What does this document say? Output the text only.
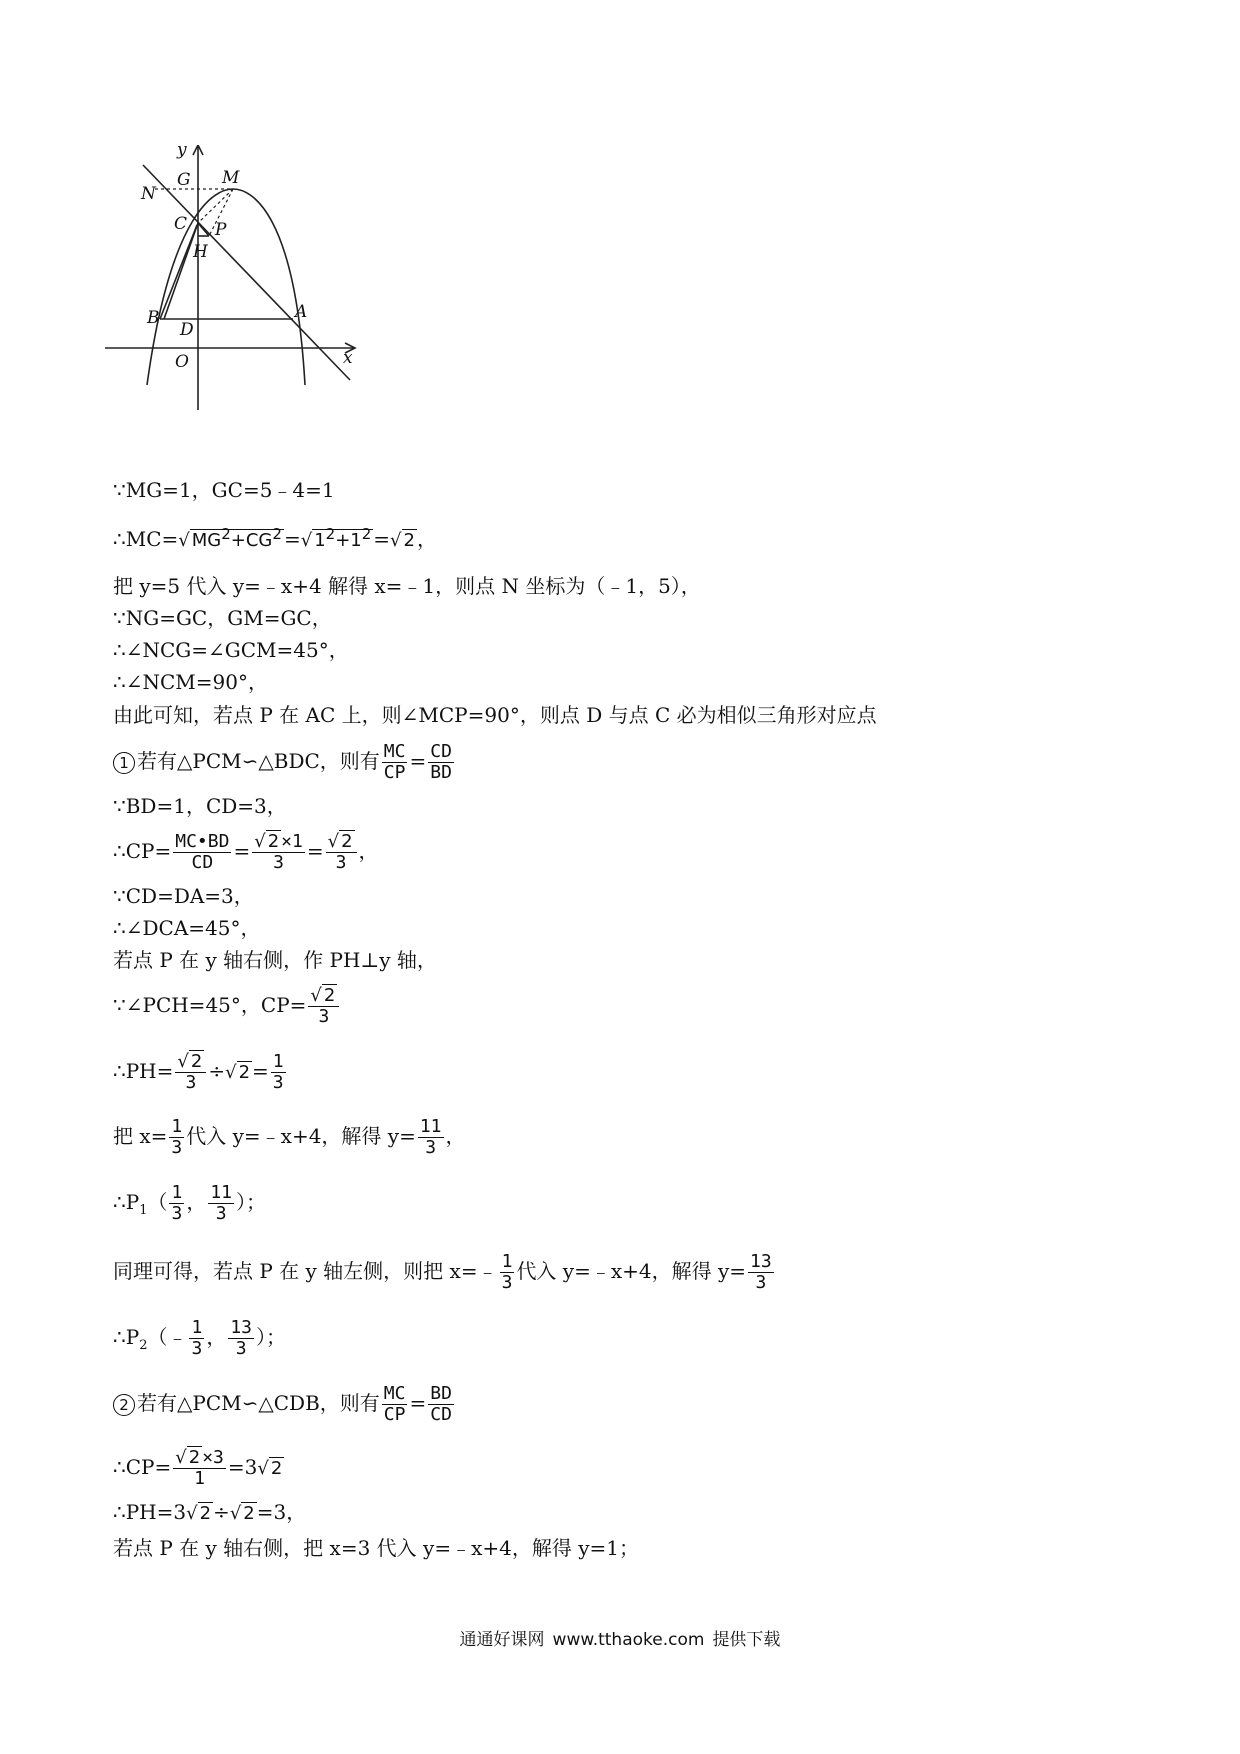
y
x
G M
N
C P
H
B
D
A
O
∵MG=1，GC=5﹣4=1
∴MC=√ $MG^2+CG^2$ =√ $1^2+1^2$ =√ 2 ，
把 y=5 代入 y=﹣x+4 解得 x=﹣1，则点 N 坐标为（﹣1，5），
∵NG=GC，GM=GC，
∴∠NCG=∠GCM=45°，
∴∠NCM=90°，
由此可知，若点 P 在 AC 上，则∠MCP=90°，则点 D 与点 C 必为相似三角形对应点
1 若有△PCM∽△BDC，则有 $\frac{MC}{CP} = \frac{CD}{BD}$
∵BD=1，CD=3，
∴CP= $\frac{MC•BD}{CD} = \frac{√ 2 \times 1}{3} = \frac{√ 2}{3}$ ，
∵CD=DA=3，
∴∠DCA=45°，
若点 P 在 y 轴右侧，作 PH⊥y 轴，
∵∠PCH=45°，$CP= \frac{√ 2}{3}$
∴PH= $\frac{√ 2}{3}$ ÷√ $2 = \frac{1}{3}$
把 $x= \frac{1}{3}$ 代入 y=﹣x+4，解得 $y= \frac{11}{3}$ ，
$\therefore P_1( \frac{1}{3}$ ， $\frac{11}{3}$ ）；
同理可得，若点 P 在 y 轴左侧，则把 x=﹣ $\frac{1}{3}$ 代入 y=﹣x+4，解得 $y= \frac{13}{3}$
$\therefore P_2(﹣ \frac{1}{3}$ ， $\frac{13}{3}$ ）；
2 若有△PCM∽△CDB，则有 $\frac{MC}{CP} = \frac{BD}{CD}$
∴CP= $\frac{√ 2 \times 3}{1} =3√$ 2
∴PH=3√ 2 ÷√ 2 =3，
若点 P 在 y 轴右侧，把 x=3 代入 y=﹣x+4，解得 y=1；
通通好课网 www.tthaoke.com 提供下载
